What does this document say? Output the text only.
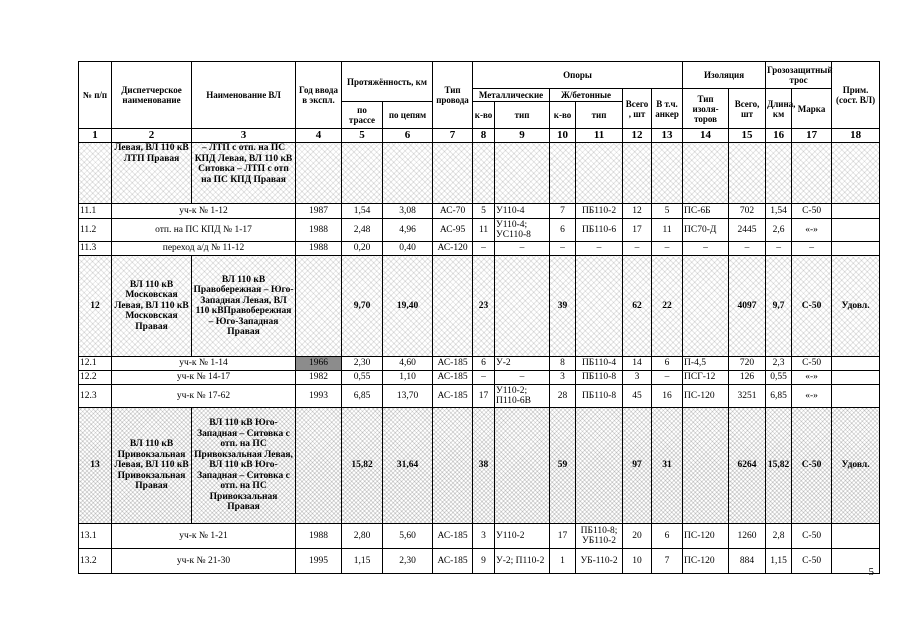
№ п/п	Диспетчерское наименование	Наименование ВЛ	Год ввода в экспл.	Протяжённость, км		Тип провода	Опоры						Изоляция		Грозозащитный трос		Прим. (сост. ВЛ)
							Металлические		Ж/бетонные		Всего , шт	В т.ч. анкер	Тип изоля-торов	Всего, шт	Длина, км	Марка	
				по трассе	по цепям		к-во	тип	к-во	тип							
1	2	3	4	5	6	7	8	9	10	11	12	13	14	15	16	17	18
	Левая, ВЛ 110 кВ ЛТП Правая	– ЛТП с отп. на ПС КПД Левая, ВЛ 110 кВ Ситовка – ЛТП с отп на ПС КПД Правая															
11.1	уч-к № 1-12		1987	1,54	3,08	АС-70	5	У110-4	7	ПБ110-2	12	5	ПС-6Б	702	1,54	С-50	
11.2	отп. на ПС КПД № 1-17		1988	2,48	4,96	АС-95	11	У110-4; УС110-8	6	ПБ110-6	17	11	ПС70-Д	2445	2,6	«-»	
11.3	переход а/д № 11-12		1988	0,20	0,40	АС-120	–	–	–	–	–	–	–	–	–	–	
12	ВЛ 110 кВ Московская Левая, ВЛ 110 кВ Московская Правая	ВЛ 110 кВ Правобережная – Юго-Западная Левая, ВЛ 110 кВПравобережная – Юго-Западная Правая		9,70	19,40		23		39		62	22		4097	9,7	С-50	Удовл.
12.1	уч-к № 1-14		1966	2,30	4,60	АС-185	6	У-2	8	ПБ110-4	14	6	П-4,5	720	2,3	С-50	
12.2	уч-к № 14-17		1982	0,55	1,10	АС-185	–	–	3	ПБ110-8	3	–	ПСГ-12	126	0,55	«-»	
12.3	уч-к № 17-62		1993	6,85	13,70	АС-185	17	У110-2; П110-6В	28	ПБ110-8	45	16	ПС-120	3251	6,85	«-»	
13	ВЛ 110 кВ Привокзальная Левая, ВЛ 110 кВ Привокзальная Правая	ВЛ 110 кВ Юго-Западная – Ситовка с отп. на ПС Привокзальная Левая, ВЛ 110 кВ Юго-Западная – Ситовка с отп. на ПС Привокзальная Правая		15,82	31,64		38		59		97	31		6264	15,82	С-50	Удовл.
13.1	уч-к № 1-21		1988	2,80	5,60	АС-185	3	У110-2	17	ПБ110-8; УБ110-2	20	6	ПС-120	1260	2,8	С-50	
13.2	уч-к № 21-30		1995	1,15	2,30	АС-185	9	У-2; П110-2	1	УБ-110-2	10	7	ПС-120	884	1,15	С-50	
5
